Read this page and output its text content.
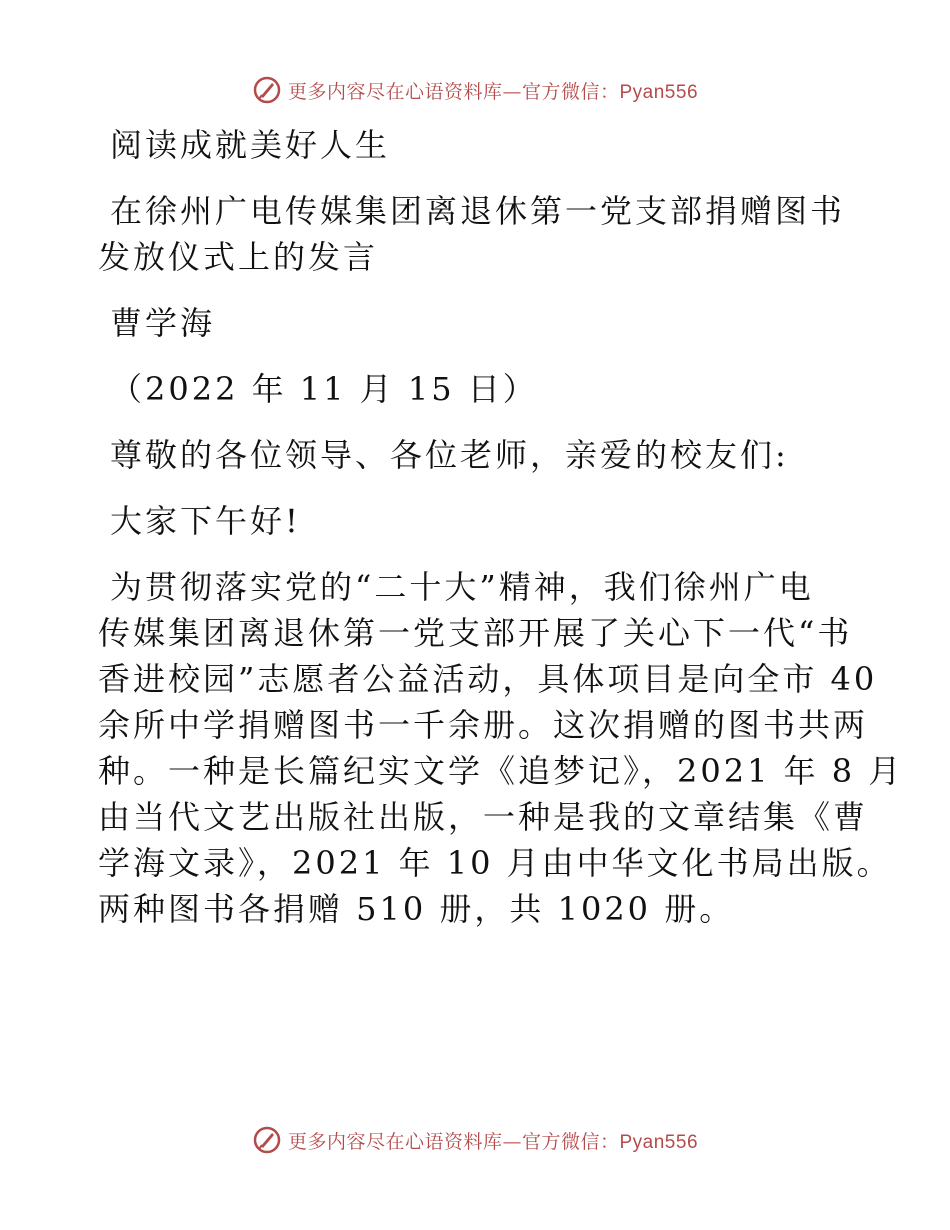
更多内容尽在心语资料库—官方微信：Pyan556
阅读成就美好人生
在徐州广电传媒集团离退休第一党支部捐赠图书
发放仪式上的发言
曹学海
（2022 年 11 月 15 日）
尊敬的各位领导、各位老师，亲爱的校友们:
大家下午好!
为贯彻落实党的“二十大”精神，我们徐州广电
传媒集团离退休第一党支部开展了关心下一代“书
香进校园”志愿者公益活动，具体项目是向全市 40
余所中学捐赠图书一千余册。这次捐赠的图书共两
种。一种是长篇纪实文学《追梦记》，2021 年 8 月
由当代文艺出版社出版，一种是我的文章结集《曹
学海文录》，2021 年 10 月由中华文化书局出版。
两种图书各捐赠 510 册，共 1020 册。
更多内容尽在心语资料库—官方微信：Pyan556
